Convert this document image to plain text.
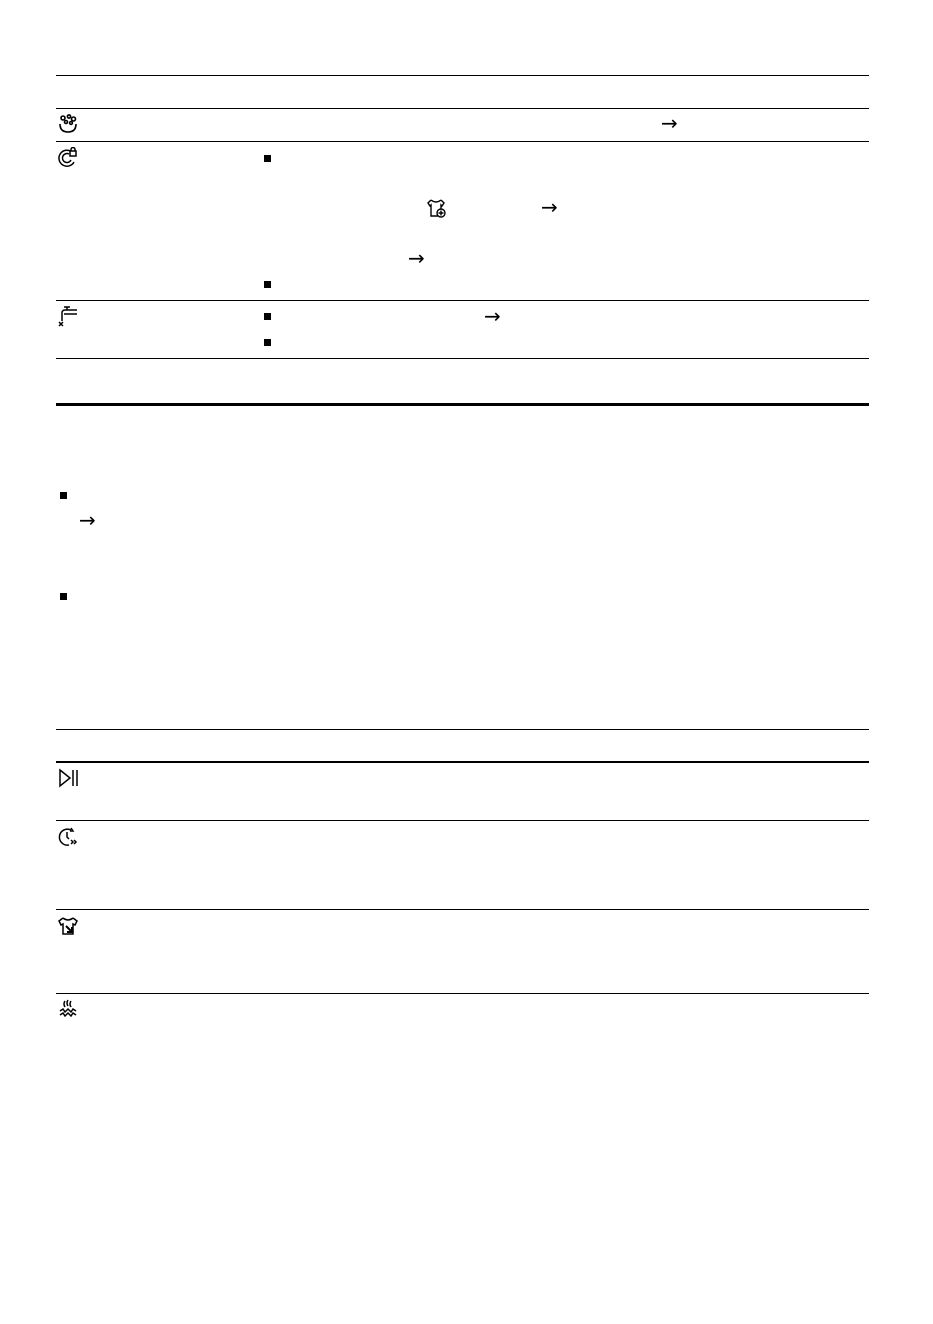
→
→
→
→
→
